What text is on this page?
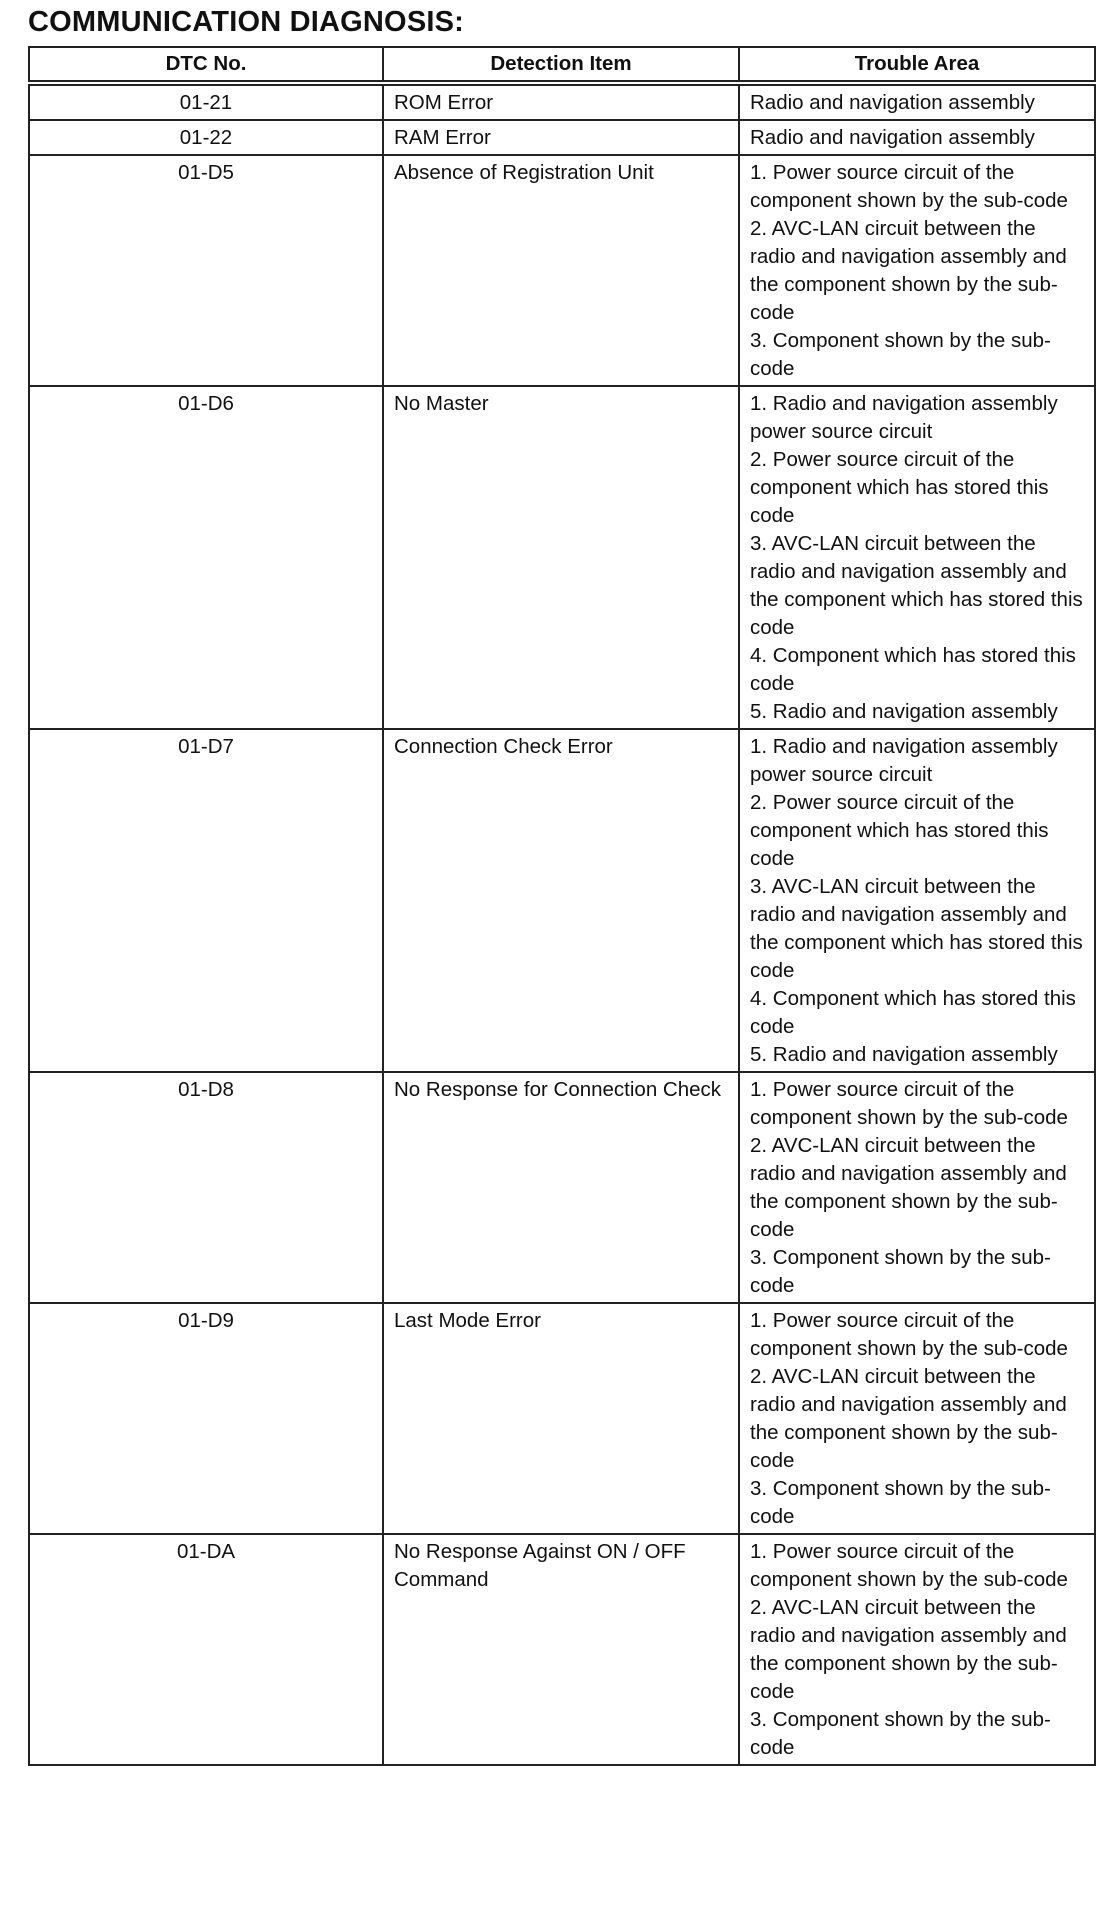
COMMUNICATION DIAGNOSIS:
DTC No.	Detection Item	Trouble Area
01-21	ROM Error	Radio and navigation assembly

01-22	RAM Error	Radio and navigation assembly

01-D5	Absence of Registration Unit	1. Power source circuit of the component shown by the sub-code
2. AVC-LAN circuit between the radio and navigation assembly and the component shown by the sub-code
3. Component shown by the sub-code

01-D6	No Master	1. Radio and navigation assembly power source circuit
2. Power source circuit of the component which has stored this code
3. AVC-LAN circuit between the radio and navigation assembly and the component which has stored this code
4. Component which has stored this code
5. Radio and navigation assembly

01-D7	Connection Check Error	1. Radio and navigation assembly power source circuit
2. Power source circuit of the component which has stored this code
3. AVC-LAN circuit between the radio and navigation assembly and the component which has stored this code
4. Component which has stored this code
5. Radio and navigation assembly

01-D8	No Response for Connection Check	1. Power source circuit of the component shown by the sub-code
2. AVC-LAN circuit between the radio and navigation assembly and the component shown by the sub-code
3. Component shown by the sub-code

01-D9	Last Mode Error	1. Power source circuit of the component shown by the sub-code
2. AVC-LAN circuit between the radio and navigation assembly and the component shown by the sub-code
3. Component shown by the sub-code

01-DA	No Response Against ON / OFF Command	1. Power source circuit of the component shown by the sub-code
2. AVC-LAN circuit between the radio and navigation assembly and the component shown by the sub-code
3. Component shown by the sub-code
